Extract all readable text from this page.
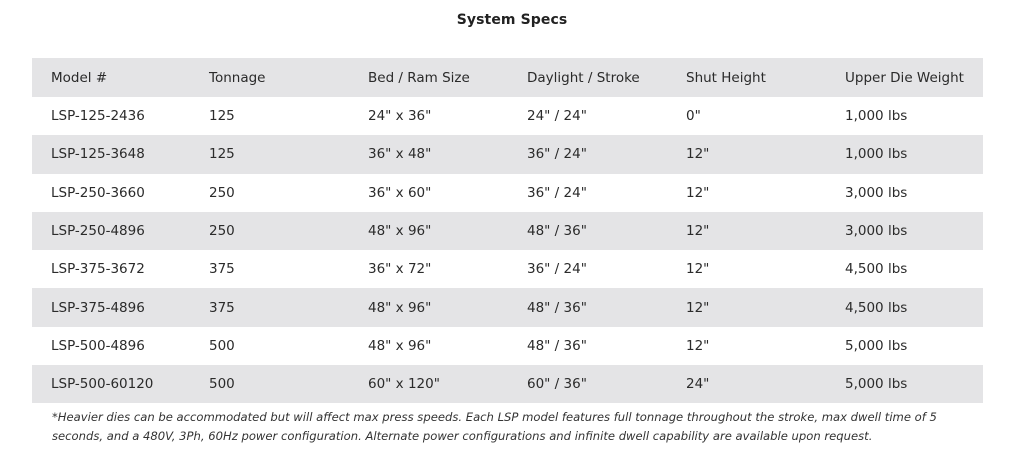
System Specs
Model #	Tonnage	Bed / Ram Size	Daylight / Stroke	Shut Height	Upper Die Weight
LSP-125-2436	125	24" x 36"	24" / 24"	0"	1,000 lbs
LSP-125-3648	125	36" x 48"	36" / 24"	12"	1,000 lbs
LSP-250-3660	250	36" x 60"	36" / 24"	12"	3,000 lbs
LSP-250-4896	250	48" x 96"	48" / 36"	12"	3,000 lbs
LSP-375-3672	375	36" x 72"	36" / 24"	12"	4,500 lbs
LSP-375-4896	375	48" x 96"	48" / 36"	12"	4,500 lbs
LSP-500-4896	500	48" x 96"	48" / 36"	12"	5,000 lbs
LSP-500-60120	500	60" x 120"	60" / 36"	24"	5,000 lbs
*Heavier dies can be accommodated but will affect max press speeds. Each LSP model features full tonnage throughout the stroke, max dwell time of 5 seconds, and a 480V, 3Ph, 60Hz power configuration. Alternate power configurations and infinite dwell capability are available upon request.
